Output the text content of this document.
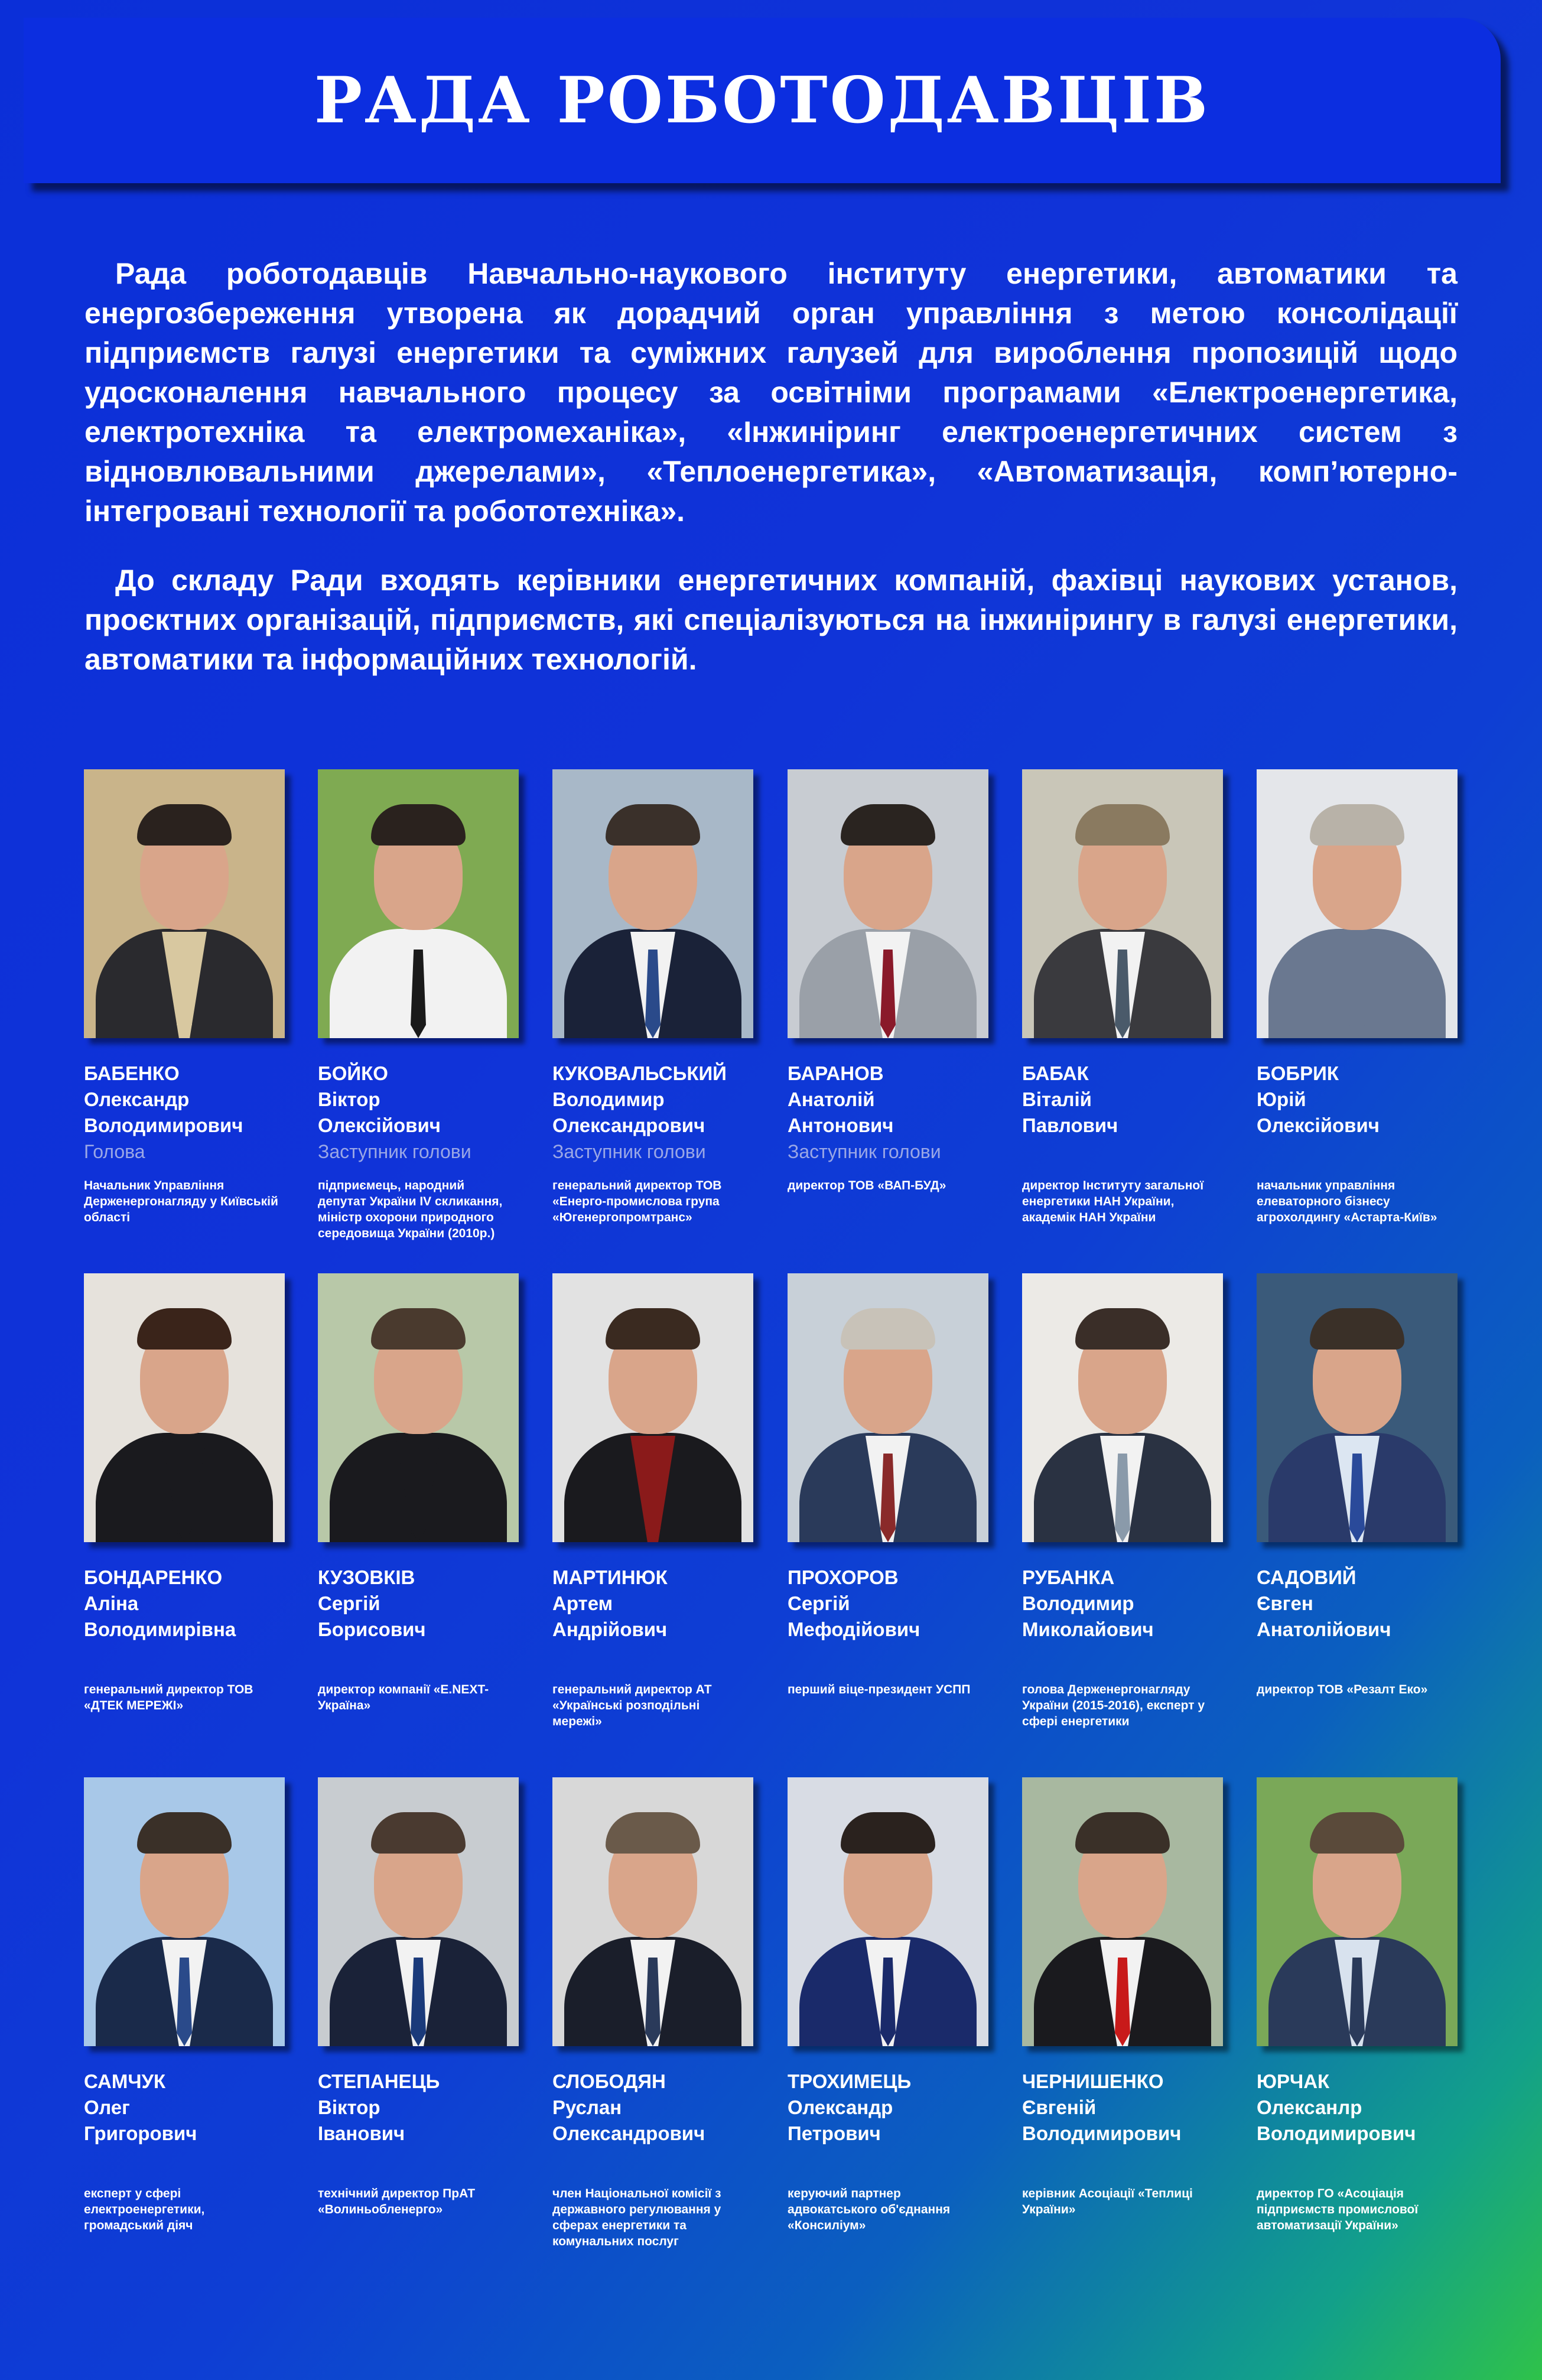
РАДА РОБОТОДАВЦІВ

Рада роботодавців Навчально-наукового інституту енергетики, автоматики та енергозбереження утворена як дорадчий орган управління з метою консолідації підприємств галузі енергетики та суміжних галузей для вироблення пропозицій щодо удосконалення навчального процесу за освітніми програмами «Електроенергетика, електротехніка та електромеханіка», «Інжиніринг електроенергетичних систем з відновлювальними джерелами», «Теплоенергетика», «Автоматизація, комп’ютерно-інтегровані технології та робототехніка».

До складу Ради входять керівники енергетичних компаній, фахівці наукових установ, проєктних організацій, підприємств, які спеціалізуються на інжинірингу в галузі енергетики, автоматики та інформаційних технологій.

БАБЕНКО
Олександр
Володимирович
Голова
Начальник Управління Держенергонагляду у Київській області
БОЙКО
Віктор
Олексійович
Заступник голови
підприємець, народний депутат України IV скликання, міністр охорони природного середовища України (2010р.)
КУКОВАЛЬСЬКИЙ
Володимир
Олександрович
Заступник голови
генеральний директор ТОВ «Енерго-промислова група «Югенергопромтранс»
БАРАНОВ
Анатолій
Антонович
Заступник голови
директор ТОВ «ВАП-БУД»
БАБАК
Віталій
Павлович
директор Інституту загальної енергетики НАН України, академік НАН України
БОБРИК
Юрій
Олексійович
начальник управління елеваторного бізнесу агрохолдингу «Астарта-Київ»
БОНДАРЕНКО
Аліна
Володимирівна
генеральний директор ТОВ «ДТЕК МЕРЕЖІ»
КУЗОВКІВ
Сергій
Борисович
директор компанії «E.NEXT-Україна»
МАРТИНЮК
Артем
Андрійович
генеральний директор АТ «Українські розподільні мережі»
ПРОХОРОВ
Сергій
Мефодійович
перший віце-президент УСПП
РУБАНКА
Володимир
Миколайович
голова Держенергонагляду України (2015-2016), експерт у сфері енергетики
САДОВИЙ
Євген
Анатолійович
директор ТОВ «Резалт Еко»
САМЧУК
Олег
Григорович
експерт у сфері електроенергетики, громадський діяч
СТЕПАНЕЦЬ
Віктор
Іванович
технічний директор ПрАТ «Волиньобленерго»
СЛОБОДЯН
Руслан
Олександрович
член Національної комісії з державного регулювання у сферах енергетики та комунальних послуг
ТРОХИМЕЦЬ
Олександр
Петрович
керуючий партнер адвокатського об'єднання «Консиліум»
ЧЕРНИШЕНКО
Євгеній
Володимирович
керівник Асоціації «Теплиці України»
ЮРЧАК
Олексанлр
Володимирович
директор ГО «Асоціація підприємств промислової автоматизації України»
